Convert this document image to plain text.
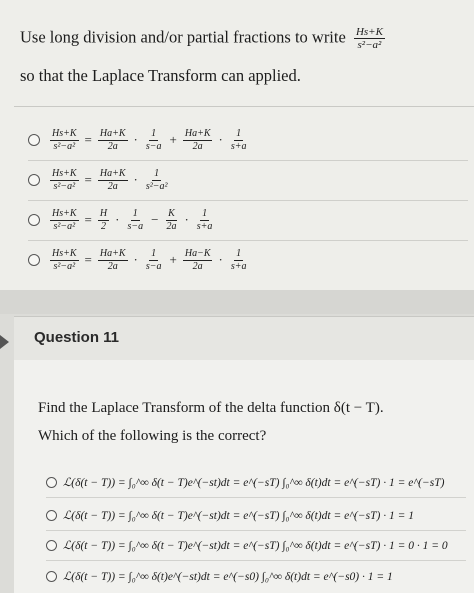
Use long division and/or partial fractions to write $\frac{Hs+K}{\text{s²−a²}}$
so that the Laplace Transform can applied.
$\frac{Hs+K}{\text{s²−a²}} = \frac{Ha+K}{2a} \cdot \frac{1}{s-a} + \frac{Ha+K}{2a} \cdot \frac{1}{s+a}$
$\frac{Hs+K}{\text{s²−a²}} = \frac{Ha+K}{2a} \cdot \frac{1}{\text{s²−a²}}$
$\frac{Hs+K}{\text{s²−a²}} = \frac{H}{2} \cdot \frac{1}{s-a} - \frac{K}{2a} \cdot \frac{1}{s+a}$
$\frac{Hs+K}{\text{s²−a²}} = \frac{Ha+K}{2a} \cdot \frac{1}{s-a} + \frac{Ha-K}{2a} \cdot \frac{1}{s+a}$
Question 11
Find the Laplace Transform of the delta function δ(t − T).
Which of the following is the correct?
ℒ(δ(t − T)) = ∫₀^∞ δ(t − T)e^(−st)dt = e^(−sT) ∫₀^∞ δ(t)dt = e^(−sT) · 1 = e^(−sT)
ℒ(δ(t − T)) = ∫₀^∞ δ(t − T)e^(−st)dt = e^(−sT) ∫₀^∞ δ(t)dt = e^(−sT) · 1 = 1
ℒ(δ(t − T)) = ∫₀^∞ δ(t − T)e^(−st)dt = e^(−sT) ∫₀^∞ δ(t)dt = e^(−sT) · 1 = 0 · 1 = 0
ℒ(δ(t − T)) = ∫₀^∞ δ(t)e^(−st)dt = e^(−s0) ∫₀^∞ δ(t)dt = e^(−s0) · 1 = 1
